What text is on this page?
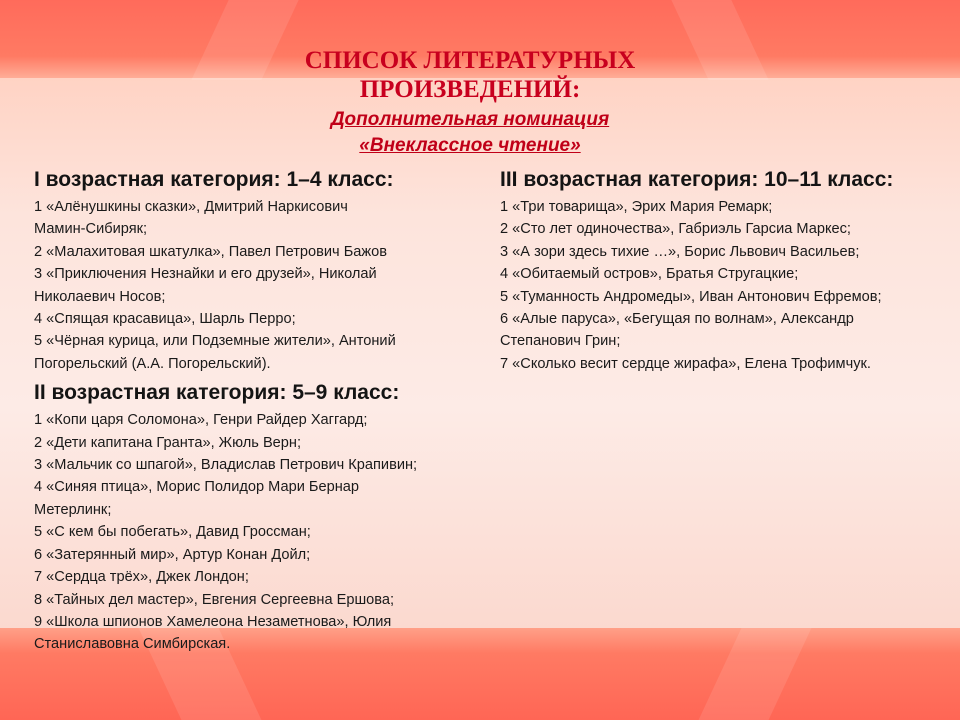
СПИСОК ЛИТЕРАТУРНЫХ
ПРОИЗВЕДЕНИЙ:
Дополнительная номинация
«Внеклассное чтение»
I возрастная категория: 1–4 класс:
1 «Алёнушкины сказки», Дмитрий Наркисович
Мамин-Сибиряк;
2 «Малахитовая шкатулка», Павел Петрович Бажов
3 «Приключения Незнайки и его друзей», Николай
Николаевич Носов;
4 «Спящая красавица», Шарль Перро;
5 «Чёрная курица, или Подземные жители», Антоний
Погорельский (А.А. Погорельский).
II возрастная категория: 5–9 класс:
1 «Копи царя Соломона», Генри Райдер Хаггард;
2 «Дети капитана Гранта», Жюль Верн;
3 «Мальчик со шпагой», Владислав Петрович Крапивин;
4 «Синяя птица», Морис Полидор Мари Бернар
Метерлинк;
5 «С кем бы побегать», Давид Гроссман;
6 «Затерянный мир», Артур Конан Дойл;
7 «Сердца трёх», Джек Лондон;
8 «Тайных дел мастер», Евгения Сергеевна Ершова;
9 «Школа шпионов Хамелеона Незаметнова», Юлия
Станиславовна Симбирская.
III возрастная категория: 10–11 класс:
1 «Три товарища», Эрих Мария Ремарк;
2 «Сто лет одиночества», Габриэль Гарсиа Маркес;
3 «А зори здесь тихие …», Борис Львович Васильев;
4 «Обитаемый остров», Братья Стругацкие;
5 «Туманность Андромеды», Иван Антонович Ефремов;
6 «Алые паруса», «Бегущая по волнам», Александр
Степанович Грин;
7 «Сколько весит сердце жирафа», Елена Трофимчук.
